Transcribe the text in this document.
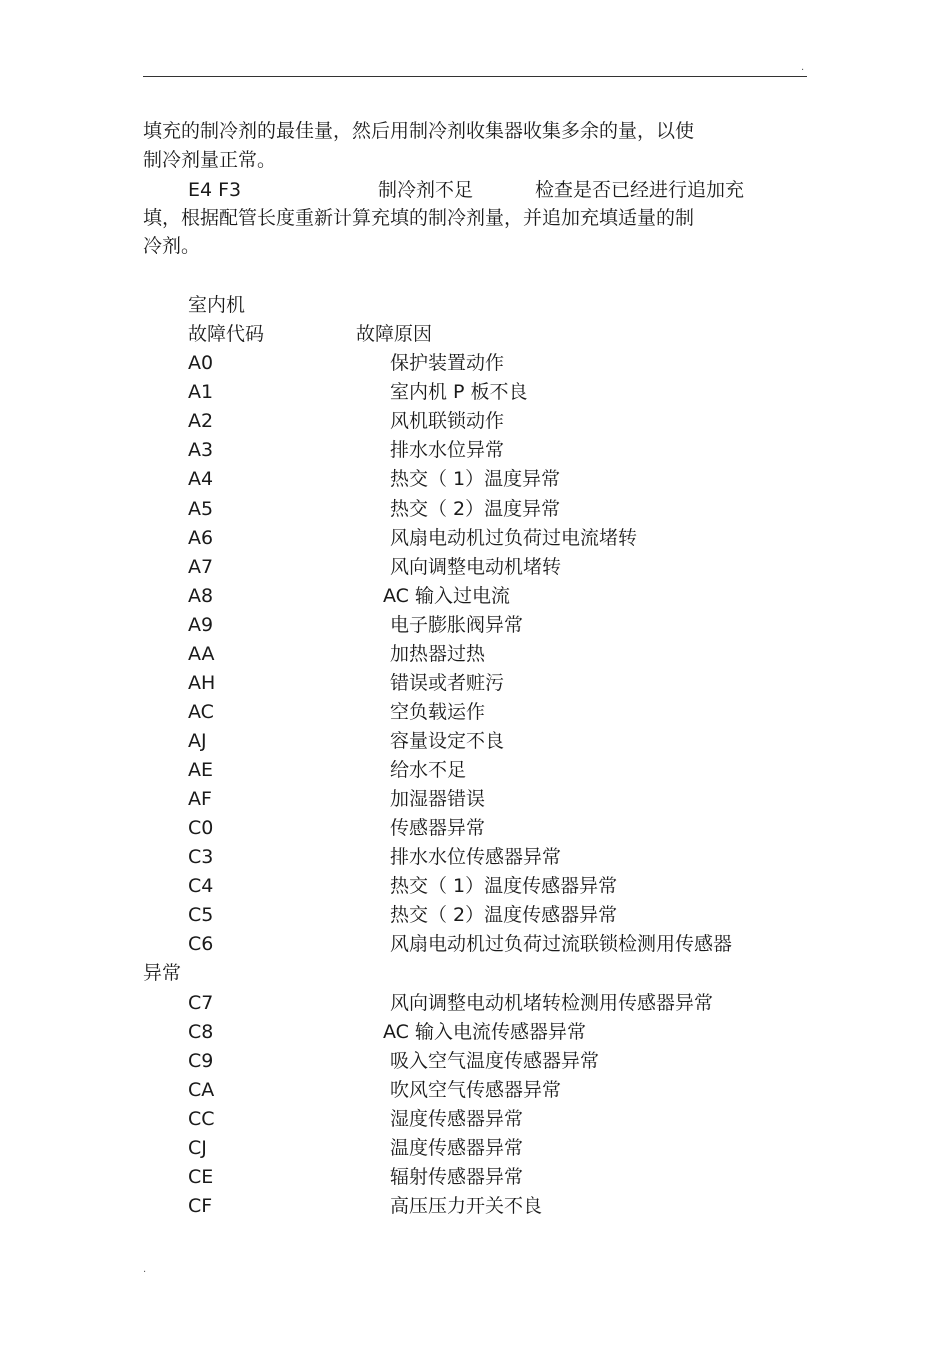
.
填充的制冷剂的最佳量，然后用制冷剂收集器收集多余的量，以使
制冷剂量正常。
E4 F3	制冷剂不足	检查是否已经进行追加充
填，根据配管长度重新计算充填的制冷剂量，并追加充填适量的制
冷剂。
室内机
故障代码	故障原因
A0	保护装置动作
A1	室内机 P 板不良
A2	风机联锁动作
A3	排水水位异常
A4	热交（ 1）温度异常
A5	热交（ 2）温度异常
A6	风扇电动机过负荷过电流堵转
A7	风向调整电动机堵转
A8	AC 输入过电流
A9	电子膨胀阀异常
AA	加热器过热
AH	错误或者赃污
AC	空负载运作
AJ	容量设定不良
AE	给水不足
AF	加湿器错误
C0	传感器异常
C3	排水水位传感器异常
C4	热交（ 1）温度传感器异常
C5	热交（ 2）温度传感器异常
C6	风扇电动机过负荷过流联锁检测用传感器
异常
C7	风向调整电动机堵转检测用传感器异常
C8	AC 输入电流传感器异常
C9	吸入空气温度传感器异常
CA	吹风空气传感器异常
CC	湿度传感器异常
CJ	温度传感器异常
CE	辐射传感器异常
CF	高压压力开关不良
.
